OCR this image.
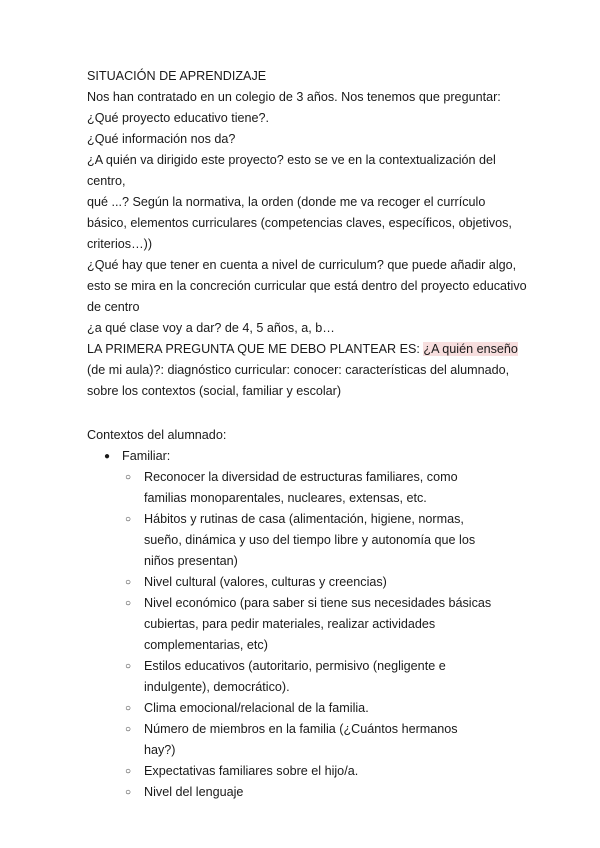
SITUACIÓN DE APRENDIZAJE

Nos han contratado en un colegio de 3 años. Nos tenemos que preguntar:

¿Qué proyecto educativo tiene?.

¿Qué información nos da?

¿A quién va dirigido este proyecto? esto se ve en la contextualización del centro,

qué ...? Según la normativa, la orden (donde me va recoger el currículo básico, elementos curriculares (competencias claves, específicos, objetivos, criterios…))

¿Qué hay que tener en cuenta a nivel de curriculum? que puede añadir algo, esto se mira en la concreción curricular que está dentro del proyecto educativo de centro

¿a qué clase voy a dar? de 4, 5 años, a, b…

LA PRIMERA PREGUNTA QUE ME DEBO PLANTEAR ES: ¿A quién enseño (de mi aula)?: diagnóstico curricular: conocer: características del alumnado, sobre los contextos (social, familiar y escolar)

Contextos del alumnado:

● Familiar:
○ Reconocer la diversidad de estructuras familiares, como familias monoparentales, nucleares, extensas, etc.
○ Hábitos y rutinas de casa (alimentación, higiene, normas, sueño, dinámica y uso del tiempo libre y autonomía que los niños presentan)
○ Nivel cultural (valores, culturas y creencias)
○ Nivel económico (para saber si tiene sus necesidades básicas cubiertas, para pedir materiales, realizar actividades complementarias, etc)
○ Estilos educativos (autoritario, permisivo (negligente e indulgente), democrático).
○ Clima emocional/relacional de la familia.
○ Número de miembros en la familia (¿Cuántos hermanos hay?)
○ Expectativas familiares sobre el hijo/a.
○ Nivel del lenguaje
